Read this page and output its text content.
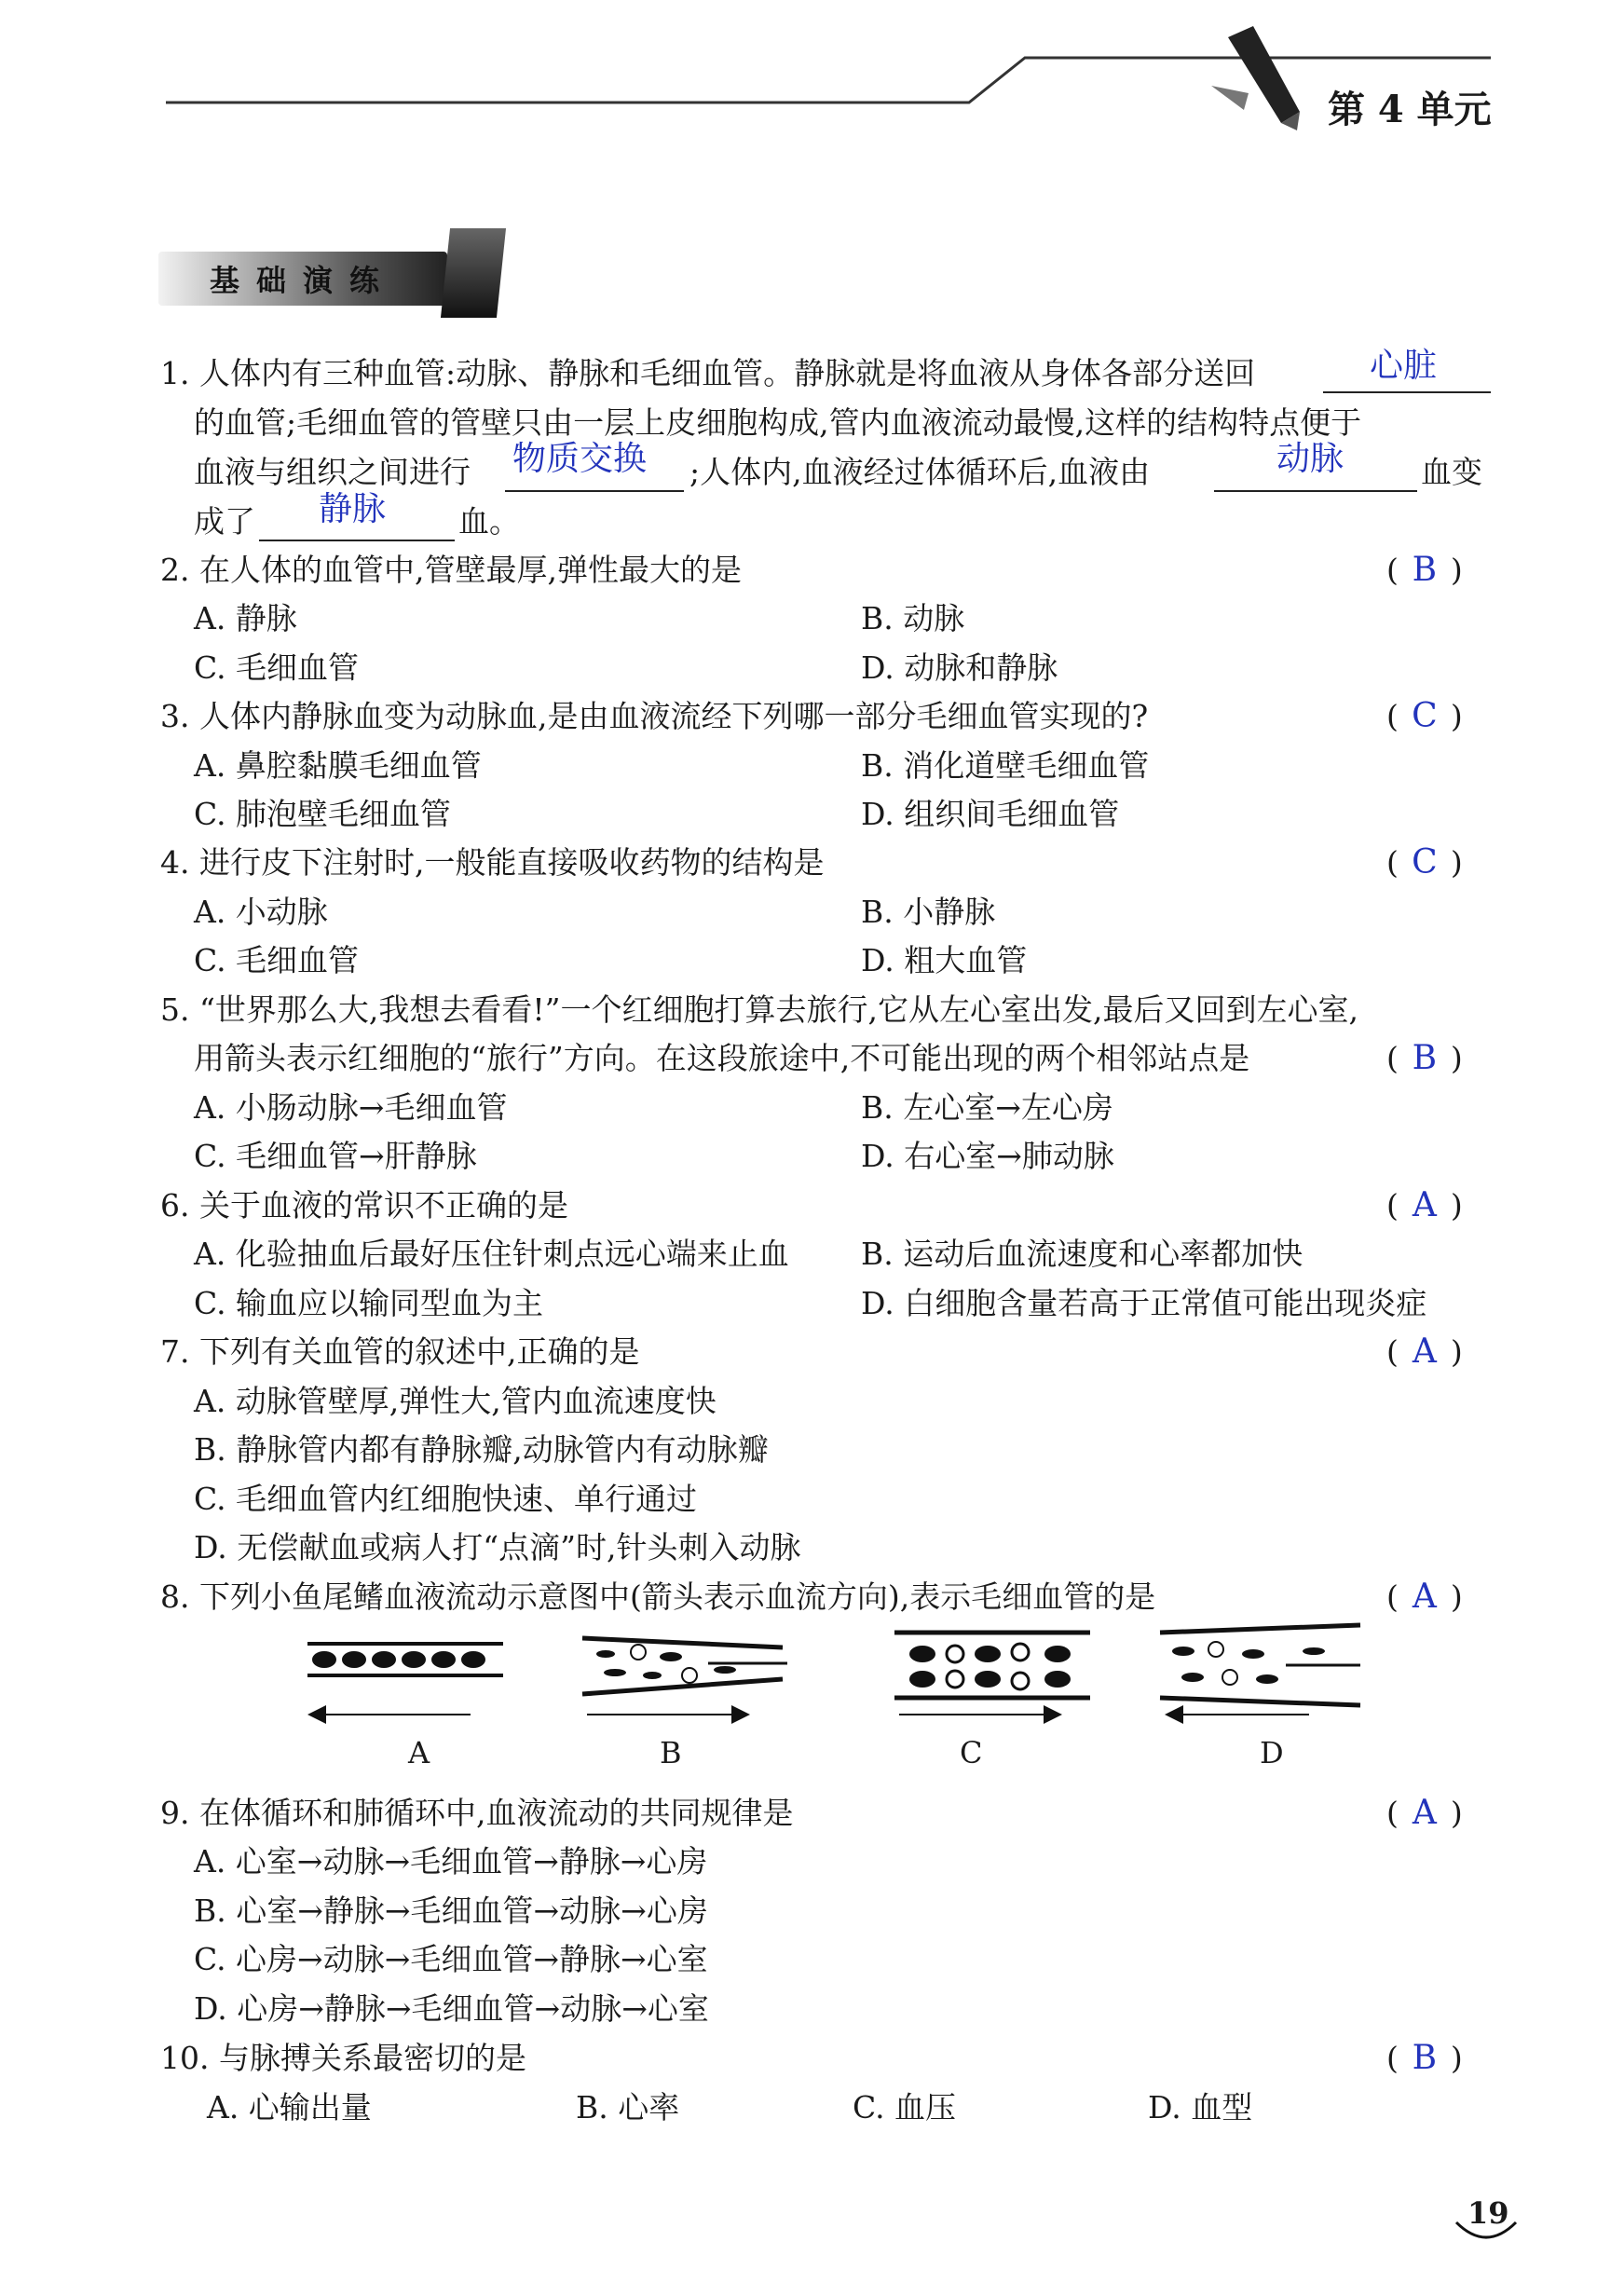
第 4 单元
基础演练
1. 人体内有三种血管:动脉、静脉和毛细血管。静脉就是将血液从身体各部分送回	心脏
的血管;毛细血管的管壁只由一层上皮细胞构成,管内血液流动最慢,这样的结构特点便于
血液与组织之间进行 物质交换 ;人体内,血液经过体循环后,血液由	动脉	血变
成了 静脉 血。
2. 在人体的血管中,管壁最厚,弹性最大的是	( B )
A. 静脉	B. 动脉
C. 毛细血管	D. 动脉和静脉
3. 人体内静脉血变为动脉血,是由血液流经下列哪一部分毛细血管实现的?	( C )
A. 鼻腔黏膜毛细血管	B. 消化道壁毛细血管
C. 肺泡壁毛细血管	D. 组织间毛细血管
4. 进行皮下注射时,一般能直接吸收药物的结构是	( C )
A. 小动脉	B. 小静脉
C. 毛细血管	D. 粗大血管
5. “世界那么大,我想去看看!”一个红细胞打算去旅行,它从左心室出发,最后又回到左心室,
用箭头表示红细胞的“旅行”方向。在这段旅途中,不可能出现的两个相邻站点是	( B )
A. 小肠动脉→毛细血管	B. 左心室→左心房
C. 毛细血管→肝静脉	D. 右心室→肺动脉
6. 关于血液的常识不正确的是	( A )
A. 化验抽血后最好压住针刺点远心端来止血 B. 运动后血流速度和心率都加快
C. 输血应以输同型血为主	D. 白细胞含量若高于正常值可能出现炎症
7. 下列有关血管的叙述中,正确的是	( A )
A. 动脉管壁厚,弹性大,管内血流速度快
B. 静脉管内都有静脉瓣,动脉管内有动脉瓣
C. 毛细血管内红细胞快速、单行通过
D. 无偿献血或病人打“点滴”时,针头刺入动脉
8. 下列小鱼尾鳍血液流动示意图中(箭头表示血流方向),表示毛细血管的是	( A )
A	B	C	D
9. 在体循环和肺循环中,血液流动的共同规律是	( A )
A. 心室→动脉→毛细血管→静脉→心房
B. 心室→静脉→毛细血管→动脉→心房
C. 心房→动脉→毛细血管→静脉→心室
D. 心房→静脉→毛细血管→动脉→心室
10. 与脉搏关系最密切的是	( B )
A. 心输出量	B. 心率	C. 血压	D. 血型
19
